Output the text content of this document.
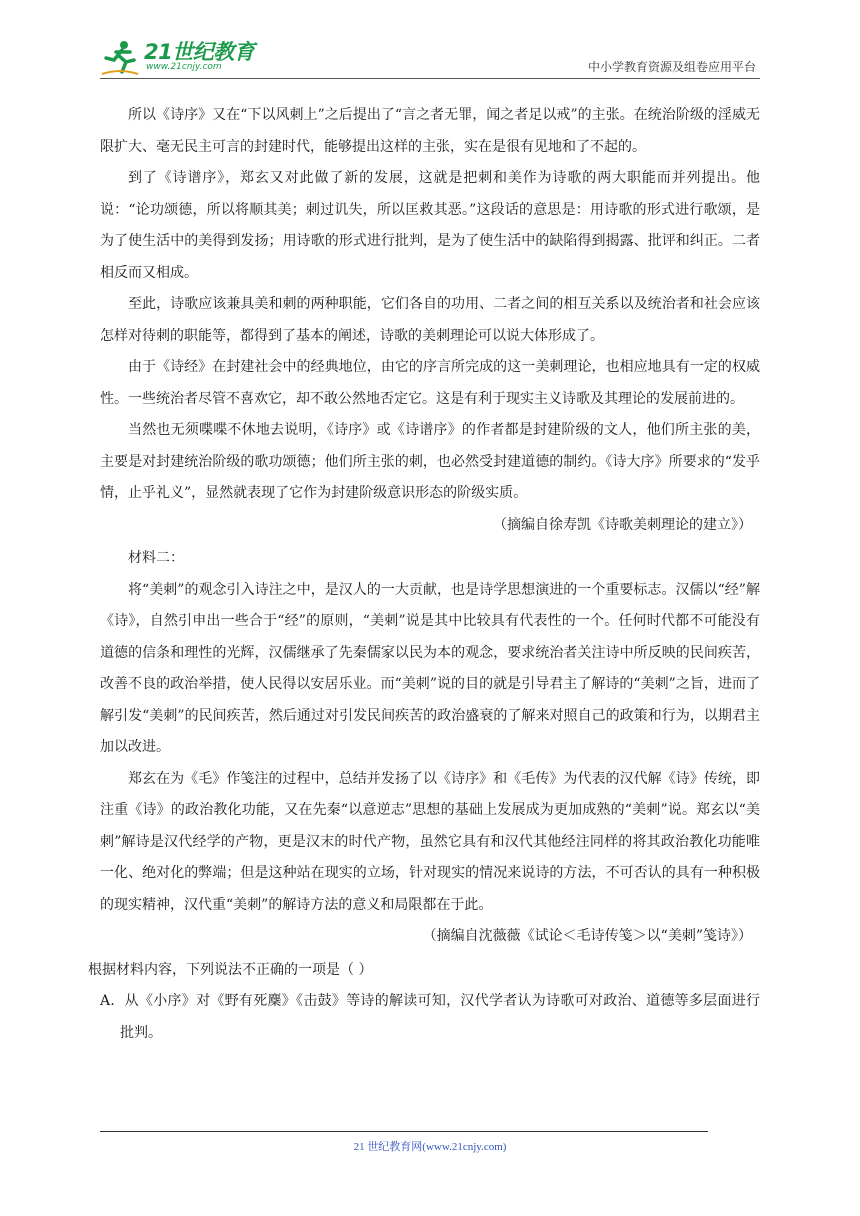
21世纪教育
www.21cnjy.com	中小学教育资源及组卷应用平台

所以《诗序》又在“下以风刺上”之后提出了“言之者无罪，闻之者足以戒”的主张。在统治阶级的淫威无限扩大、毫无民主可言的封建时代，能够提出这样的主张，实在是很有见地和了不起的。

到了《诗谱序》，郑玄又对此做了新的发展，这就是把刺和美作为诗歌的两大职能而并列提出。他说：“论功颂德，所以将顺其美；刺过讥失，所以匡救其恶。”这段话的意思是：用诗歌的形式进行歌颂，是为了使生活中的美得到发扬；用诗歌的形式进行批判，是为了使生活中的缺陷得到揭露、批评和纠正。二者相反而又相成。

至此，诗歌应该兼具美和刺的两种职能，它们各自的功用、二者之间的相互关系以及统治者和社会应该怎样对待刺的职能等，都得到了基本的阐述，诗歌的美刺理论可以说大体形成了。

由于《诗经》在封建社会中的经典地位，由它的序言所完成的这一美刺理论，也相应地具有一定的权威性。一些统治者尽管不喜欢它，却不敢公然地否定它。这是有利于现实主义诗歌及其理论的发展前进的。

当然也无须喋喋不休地去说明，《诗序》或《诗谱序》的作者都是封建阶级的文人，他们所主张的美，主要是对封建统治阶级的歌功颂德；他们所主张的刺，也必然受封建道德的制约。《诗大序》所要求的“发乎情，止乎礼义”，显然就表现了它作为封建阶级意识形态的阶级实质。

（摘编自徐寿凯《诗歌美刺理论的建立》）

材料二：

将“美刺”的观念引入诗注之中，是汉人的一大贡献，也是诗学思想演进的一个重要标志。汉儒以“经”解《诗》，自然引申出一些合于“经”的原则，“美刺”说是其中比较具有代表性的一个。任何时代都不可能没有道德的信条和理性的光辉，汉儒继承了先秦儒家以民为本的观念，要求统治者关注诗中所反映的民间疾苦，改善不良的政治举措，使人民得以安居乐业。而“美刺”说的目的就是引导君主了解诗的“美刺”之旨，进而了解引发“美刺”的民间疾苦，然后通过对引发民间疾苦的政治盛衰的了解来对照自己的政策和行为，以期君主加以改进。

郑玄在为《毛》作笺注的过程中，总结并发扬了以《诗序》和《毛传》为代表的汉代解《诗》传统，即注重《诗》的政治教化功能，又在先秦“以意逆志”思想的基础上发展成为更加成熟的“美刺”说。郑玄以“美刺”解诗是汉代经学的产物，更是汉末的时代产物，虽然它具有和汉代其他经注同样的将其政治教化功能唯一化、绝对化的弊端；但是这种站在现实的立场，针对现实的情况来说诗的方法，不可否认的具有一种积极的现实精神，汉代重“美刺”的解诗方法的意义和局限都在于此。

（摘编自沈薇薇《试论＜毛诗传笺＞以“美刺”笺诗》）

根据材料内容，下列说法不正确的一项是（ ）

A．从《小序》对《野有死麇》《击鼓》等诗的解读可知，汉代学者认为诗歌可对政治、道德等多层面进行批判。

21 世纪教育网(www.21cnjy.com)
